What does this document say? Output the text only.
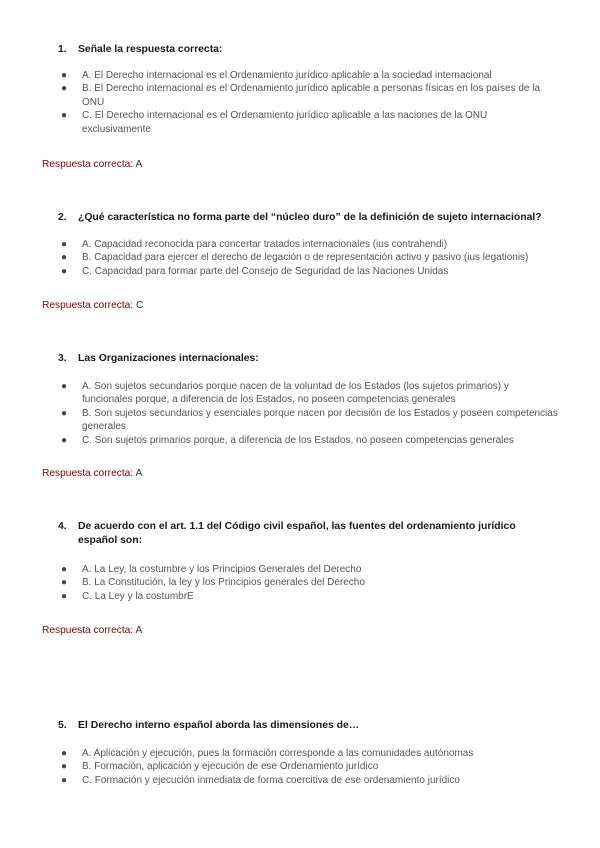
1.	Señale la respuesta correcta:
● A. El Derecho internacional es el Ordenamiento jurídico aplicable a la sociedad internacional
● B. El Derecho internacional es el Ordenamiento jurídico aplicable a personas físicas en los países de la ONU
● C. El Derecho internacional es el Ordenamiento jurídico aplicable a las naciones de la ONU exclusivamente
Respuesta correcta: A
2.	¿Qué característica no forma parte del “núcleo duro” de la definición de sujeto internacional?
● A. Capacidad reconocida para concertar tratados internacionales (ius contrahendi)
● B. Capacidad para ejercer el derecho de legación o de representación activo y pasivo (ius legationis)
● C. Capacidad para formar parte del Consejo de Seguridad de las Naciones Unidas
Respuesta correcta: C
3.	Las Organizaciones internacionales:
● A. Son sujetos secundarios porque nacen de la voluntad de los Estados (los sujetos primarios) y funcionales porque, a diferencia de los Estados, no poseen competencias generales
● B. Son sujetos secundarios y esenciales porque nacen por decisión de los Estados y poseen competencias generales
● C. Son sujetos primarios porque, a diferencia de los Estados, no poseen competencias generales
Respuesta correcta: A
4.	De acuerdo con el art. 1.1 del Código civil español, las fuentes del ordenamiento jurídico español son:
● A. La Ley, la costumbre y los Principios Generales del Derecho
● B. La Constitución, la ley y los Principios generales del Derecho
● C. La Ley y la costumbrE
Respuesta correcta: A
5.	El Derecho interno español aborda las dimensiones de…
● A. Aplicación y ejecución, pues la formación corresponde a las comunidades autónomas
● B. Formación, aplicación y ejecución de ese Ordenamiento jurídico
● C. Formación y ejecución inmediata de forma coercitiva de ese ordenamiento jurídico
